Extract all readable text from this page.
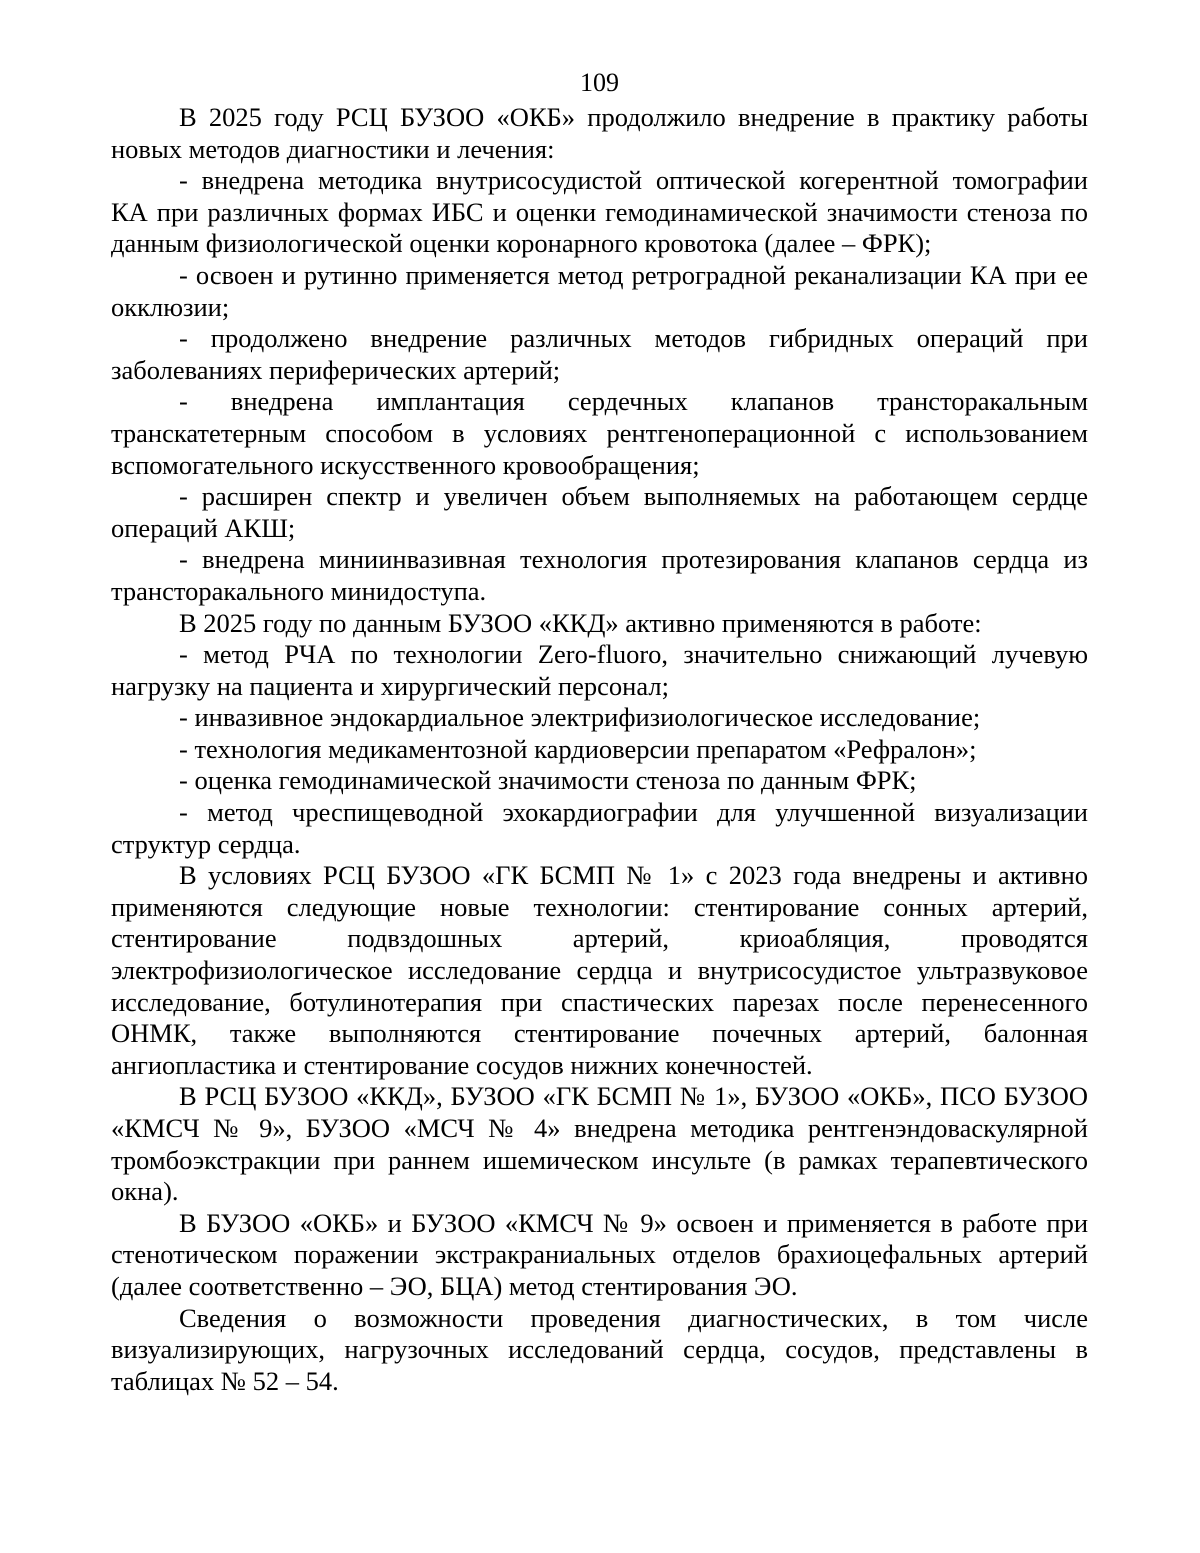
109

В 2025 году РСЦ БУЗОО «ОКБ» продолжило внедрение в практику работы новых методов диагностики и лечения:

- внедрена методика внутрисосудистой оптической когерентной томографии КА при различных формах ИБС и оценки гемодинамической значимости стеноза по данным физиологической оценки коронарного кровотока (далее – ФРК);

- освоен и рутинно применяется метод ретроградной реканализации КА при ее окклюзии;

- продолжено внедрение различных методов гибридных операций при заболеваниях периферических артерий;

- внедрена имплантация сердечных клапанов трансторакальным транскатетерным способом в условиях рентгеноперационной с использованием вспомогательного искусственного кровообращения;

- расширен спектр и увеличен объем выполняемых на работающем сердце операций АКШ;

- внедрена миниинвазивная технология протезирования клапанов сердца из трансторакального минидоступа.

В 2025 году по данным БУЗОО «ККД» активно применяются в работе:

- метод РЧА по технологии Zero-fluoro, значительно снижающий лучевую нагрузку на пациента и хирургический персонал;

- инвазивное эндокардиальное электрифизиологическое исследование;

- технология медикаментозной кардиоверсии препаратом «Рефралон»;

- оценка гемодинамической значимости стеноза по данным ФРК;

- метод чреспищеводной эхокардиографии для улучшенной визуализации структур сердца.

В условиях РСЦ БУЗОО «ГК БСМП № 1» с 2023 года внедрены и активно применяются следующие новые технологии: стентирование сонных артерий, стентирование подвздошных артерий, криоабляция, проводятся электрофизиологическое исследование сердца и внутрисосудистое ультразвуковое исследование, ботулинотерапия при спастических парезах после перенесенного ОНМК, также выполняются стентирование почечных артерий, балонная ангиопластика и стентирование сосудов нижних конечностей.

В РСЦ БУЗОО «ККД», БУЗОО «ГК БСМП № 1», БУЗОО «ОКБ», ПСО БУЗОО «КМСЧ № 9», БУЗОО «МСЧ № 4» внедрена методика рентгенэндоваскулярной тромбоэкстракции при раннем ишемическом инсульте (в рамках терапевтического окна).

В БУЗОО «ОКБ» и БУЗОО «КМСЧ № 9» освоен и применяется в работе при стенотическом поражении экстракраниальных отделов брахиоцефальных артерий (далее соответственно – ЭО, БЦА) метод стентирования ЭО.

Сведения о возможности проведения диагностических, в том числе визуализирующих, нагрузочных исследований сердца, сосудов, представлены в таблицах № 52 – 54.
